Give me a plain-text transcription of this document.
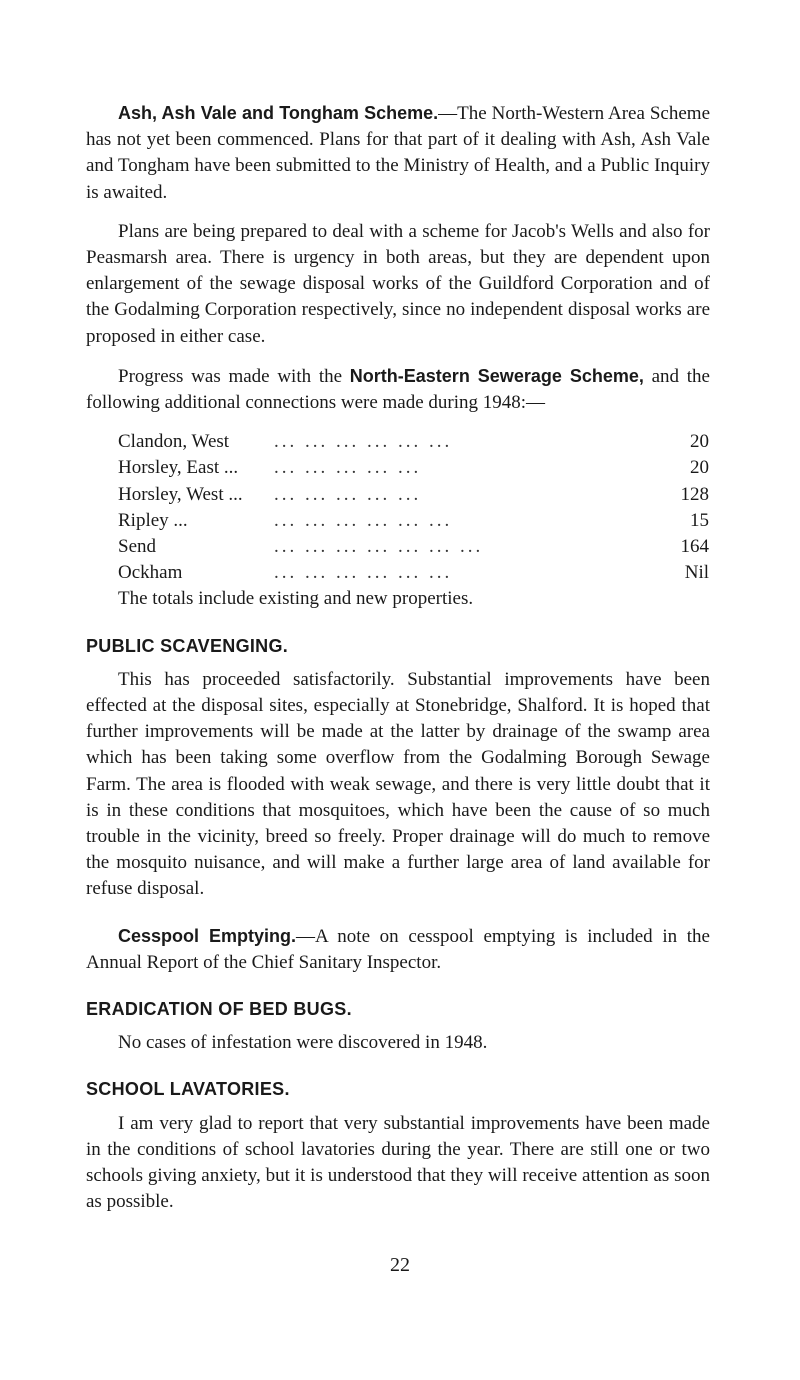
Ash, Ash Vale and Tongham Scheme.—The North-Western Area Scheme has not yet been commenced. Plans for that part of it dealing with Ash, Ash Vale and Tongham have been submitted to the Ministry of Health, and a Public Inquiry is awaited.

Plans are being prepared to deal with a scheme for Jacob's Wells and also for Peasmarsh area. There is urgency in both areas, but they are dependent upon enlargement of the sewage disposal works of the Guildford Corporation and of the Godalming Corporation respectively, since no independent disposal works are proposed in either case.

Progress was made with the North-Eastern Sewerage Scheme, and the following additional connections were made during 1948:—

Clandon, West	... ... ... ... ... ...	20
Horsley, East ...	... ... ... ... ...	20
Horsley, West ...	... ... ... ... ...	128
Ripley ...	... ... ... ... ... ...	15
Send	... ... ... ... ... ... ...	164
Ockham	... ... ... ... ... ...	Nil
The totals include existing and new properties.
PUBLIC SCAVENGING.

This has proceeded satisfactorily. Substantial improvements have been effected at the disposal sites, especially at Stonebridge, Shalford. It is hoped that further improvements will be made at the latter by drainage of the swamp area which has been taking some overflow from the Godalming Borough Sewage Farm. The area is flooded with weak sewage, and there is very little doubt that it is in these conditions that mosquitoes, which have been the cause of so much trouble in the vicinity, breed so freely. Proper drainage will do much to remove the mosquito nuisance, and will make a further large area of land available for refuse disposal.

Cesspool Emptying.—A note on cesspool emptying is included in the Annual Report of the Chief Sanitary Inspector.

ERADICATION OF BED BUGS.

No cases of infestation were discovered in 1948.

SCHOOL LAVATORIES.

I am very glad to report that very substantial improvements have been made in the conditions of school lavatories during the year. There are still one or two schools giving anxiety, but it is understood that they will receive attention as soon as possible.

22
